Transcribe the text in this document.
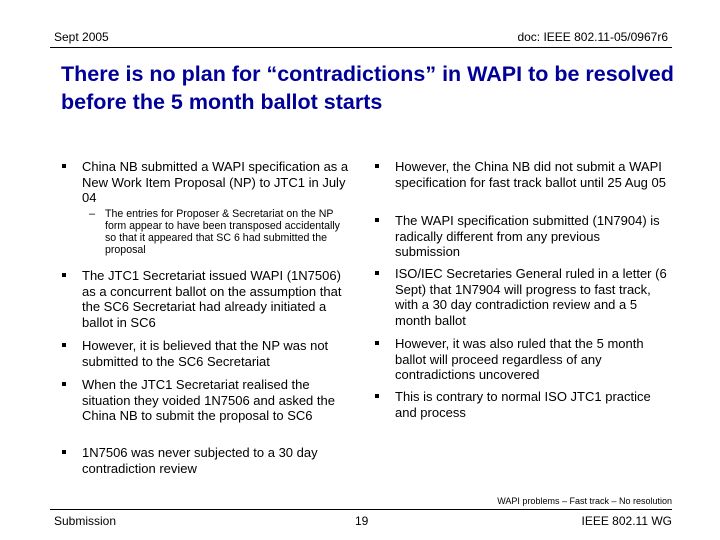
Sept 2005	doc: IEEE 802.11-05/0967r6
There is no plan for “contradictions” in WAPI to be resolved before the 5 month ballot starts
China NB submitted a WAPI specification as a New Work Item Proposal (NP) to JTC1 in July 04
– The entries for Proposer & Secretariat on the NP form appear to have been transposed accidentally so that it appeared that SC 6 had submitted the proposal
The JTC1 Secretariat issued WAPI (1N7506) as a concurrent ballot on the assumption that the SC6 Secretariat had already initiated a ballot in SC6
However, it is believed that the NP was not submitted to the SC6 Secretariat
When the JTC1 Secretariat realised the situation they voided 1N7506 and asked the China NB to submit the proposal to SC6
1N7506 was never subjected to a 30 day contradiction review
However, the China NB did not submit a WAPI specification for fast track ballot until 25 Aug 05
The WAPI specification submitted (1N7904) is radically different from any previous submission
ISO/IEC Secretaries General ruled in a letter (6 Sept) that 1N7904 will progress to fast track, with a 30 day contradiction review and a 5 month ballot
However, it was also ruled that the 5 month ballot will proceed regardless of any contradictions uncovered
This is contrary to normal ISO JTC1 practice and process
WAPI problems – Fast track – No resolution
Submission	19	IEEE 802.11 WG
